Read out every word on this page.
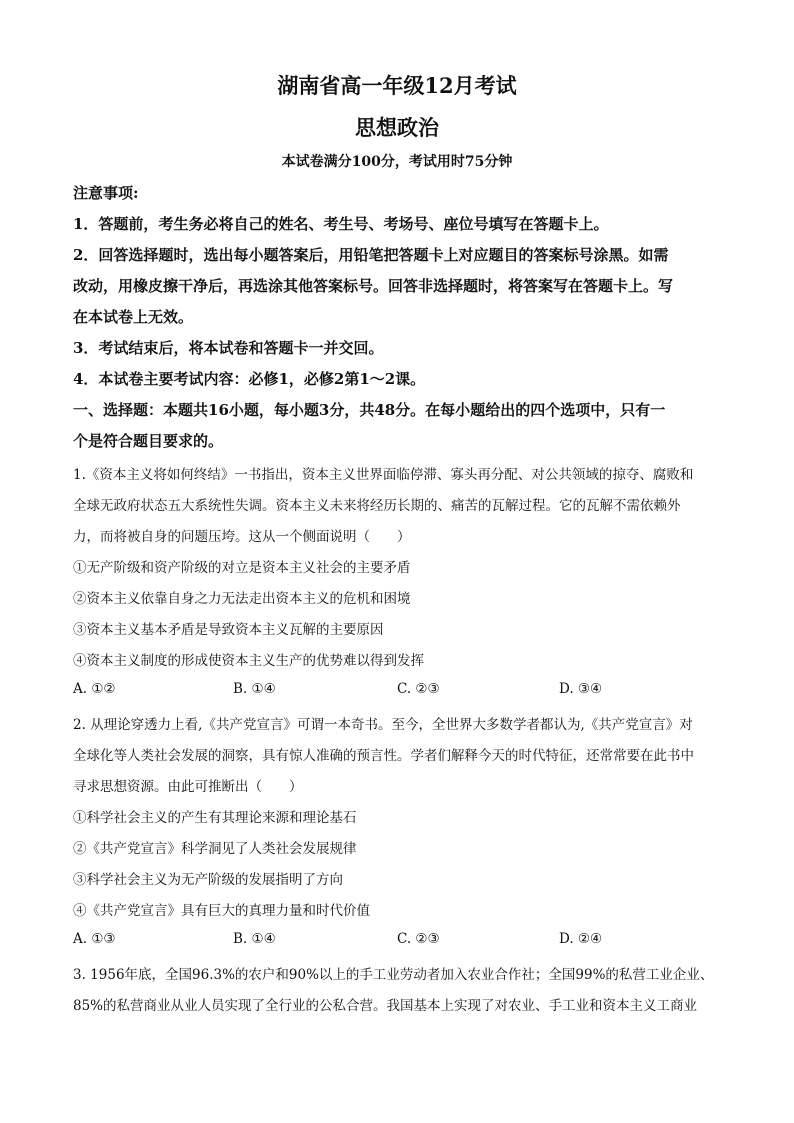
湖南省高一年级12月考试
思想政治
本试卷满分100分，考试用时75分钟
注意事项:
1．答题前，考生务必将自己的姓名、考生号、考场号、座位号填写在答题卡上。
2．回答选择题时，选出每小题答案后，用铅笔把答题卡上对应题目的答案标号涂黑。如需
改动，用橡皮擦干净后，再选涂其他答案标号。回答非选择题时，将答案写在答题卡上。写
在本试卷上无效。
3．考试结束后，将本试卷和答题卡一并交回。
4．本试卷主要考试内容：必修1，必修2第1～2课。
一、选择题：本题共16小题，每小题3分，共48分。在每小题给出的四个选项中，只有一
个是符合题目要求的。
1.《资本主义将如何终结》一书指出，资本主义世界面临停滞、寡头再分配、对公共领域的掠夺、腐败和
全球无政府状态五大系统性失调。资本主义未来将经历长期的、痛苦的瓦解过程。它的瓦解不需依赖外
力，而将被自身的问题压垮。这从一个侧面说明（　　）
①无产阶级和资产阶级的对立是资本主义社会的主要矛盾
②资本主义依靠自身之力无法走出资本主义的危机和困境
③资本主义基本矛盾是导致资本主义瓦解的主要原因
④资本主义制度的形成使资本主义生产的优势难以得到发挥
A. ①②	B. ①④	C. ②③	D. ③④
2. 从理论穿透力上看,《共产党宣言》可谓一本奇书。至今，全世界大多数学者都认为,《共产党宣言》对
全球化等人类社会发展的洞察，具有惊人准确的预言性。学者们解释今天的时代特征，还常常要在此书中
寻求思想资源。由此可推断出（　　）
①科学社会主义的产生有其理论来源和理论基石
②《共产党宣言》科学洞见了人类社会发展规律
③科学社会主义为无产阶级的发展指明了方向
④《共产党宣言》具有巨大的真理力量和时代价值
A. ①③	B. ①④	C. ②③	D. ②④
3. 1956年底，全国96.3%的农户和90%以上的手工业劳动者加入农业合作社；全国99%的私营工业企业、
85%的私营商业从业人员实现了全行业的公私合营。我国基本上实现了对农业、手工业和资本主义工商业
